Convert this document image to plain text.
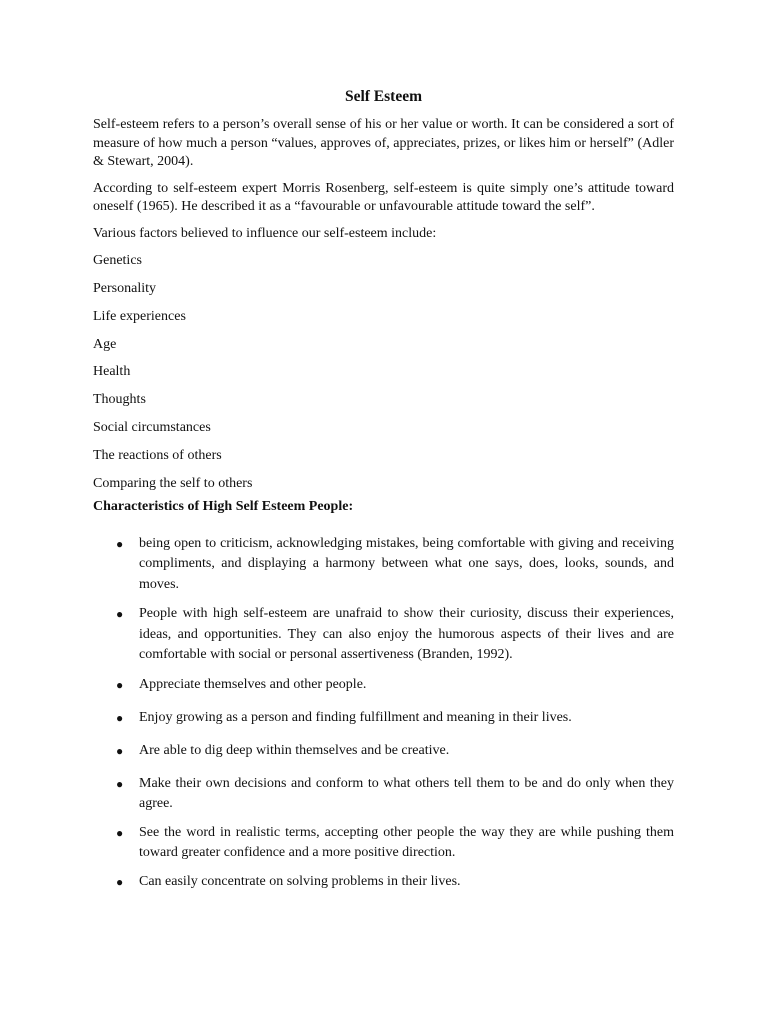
Self Esteem

Self-esteem refers to a person’s overall sense of his or her value or worth. It can be considered a sort of measure of how much a person “values, approves of, appreciates, prizes, or likes him or herself” (Adler & Stewart, 2004).

According to self-esteem expert Morris Rosenberg, self-esteem is quite simply one’s attitude toward oneself (1965). He described it as a “favourable or unfavourable attitude toward the self”.

Various factors believed to influence our self-esteem include:

Genetics
Personality
Life experiences
Age
Health
Thoughts
Social circumstances
The reactions of others
Comparing the self to others
Characteristics of High Self Esteem People:
● being open to criticism, acknowledging mistakes, being comfortable with giving and receiving compliments, and displaying a harmony between what one says, does, looks, sounds, and moves.
● People with high self-esteem are unafraid to show their curiosity, discuss their experiences, ideas, and opportunities. They can also enjoy the humorous aspects of their lives and are comfortable with social or personal assertiveness (Branden, 1992).
● Appreciate themselves and other people.
● Enjoy growing as a person and finding fulfillment and meaning in their lives.
● Are able to dig deep within themselves and be creative.
● Make their own decisions and conform to what others tell them to be and do only when they agree.
● See the word in realistic terms, accepting other people the way they are while pushing them toward greater confidence and a more positive direction.
● Can easily concentrate on solving problems in their lives.
